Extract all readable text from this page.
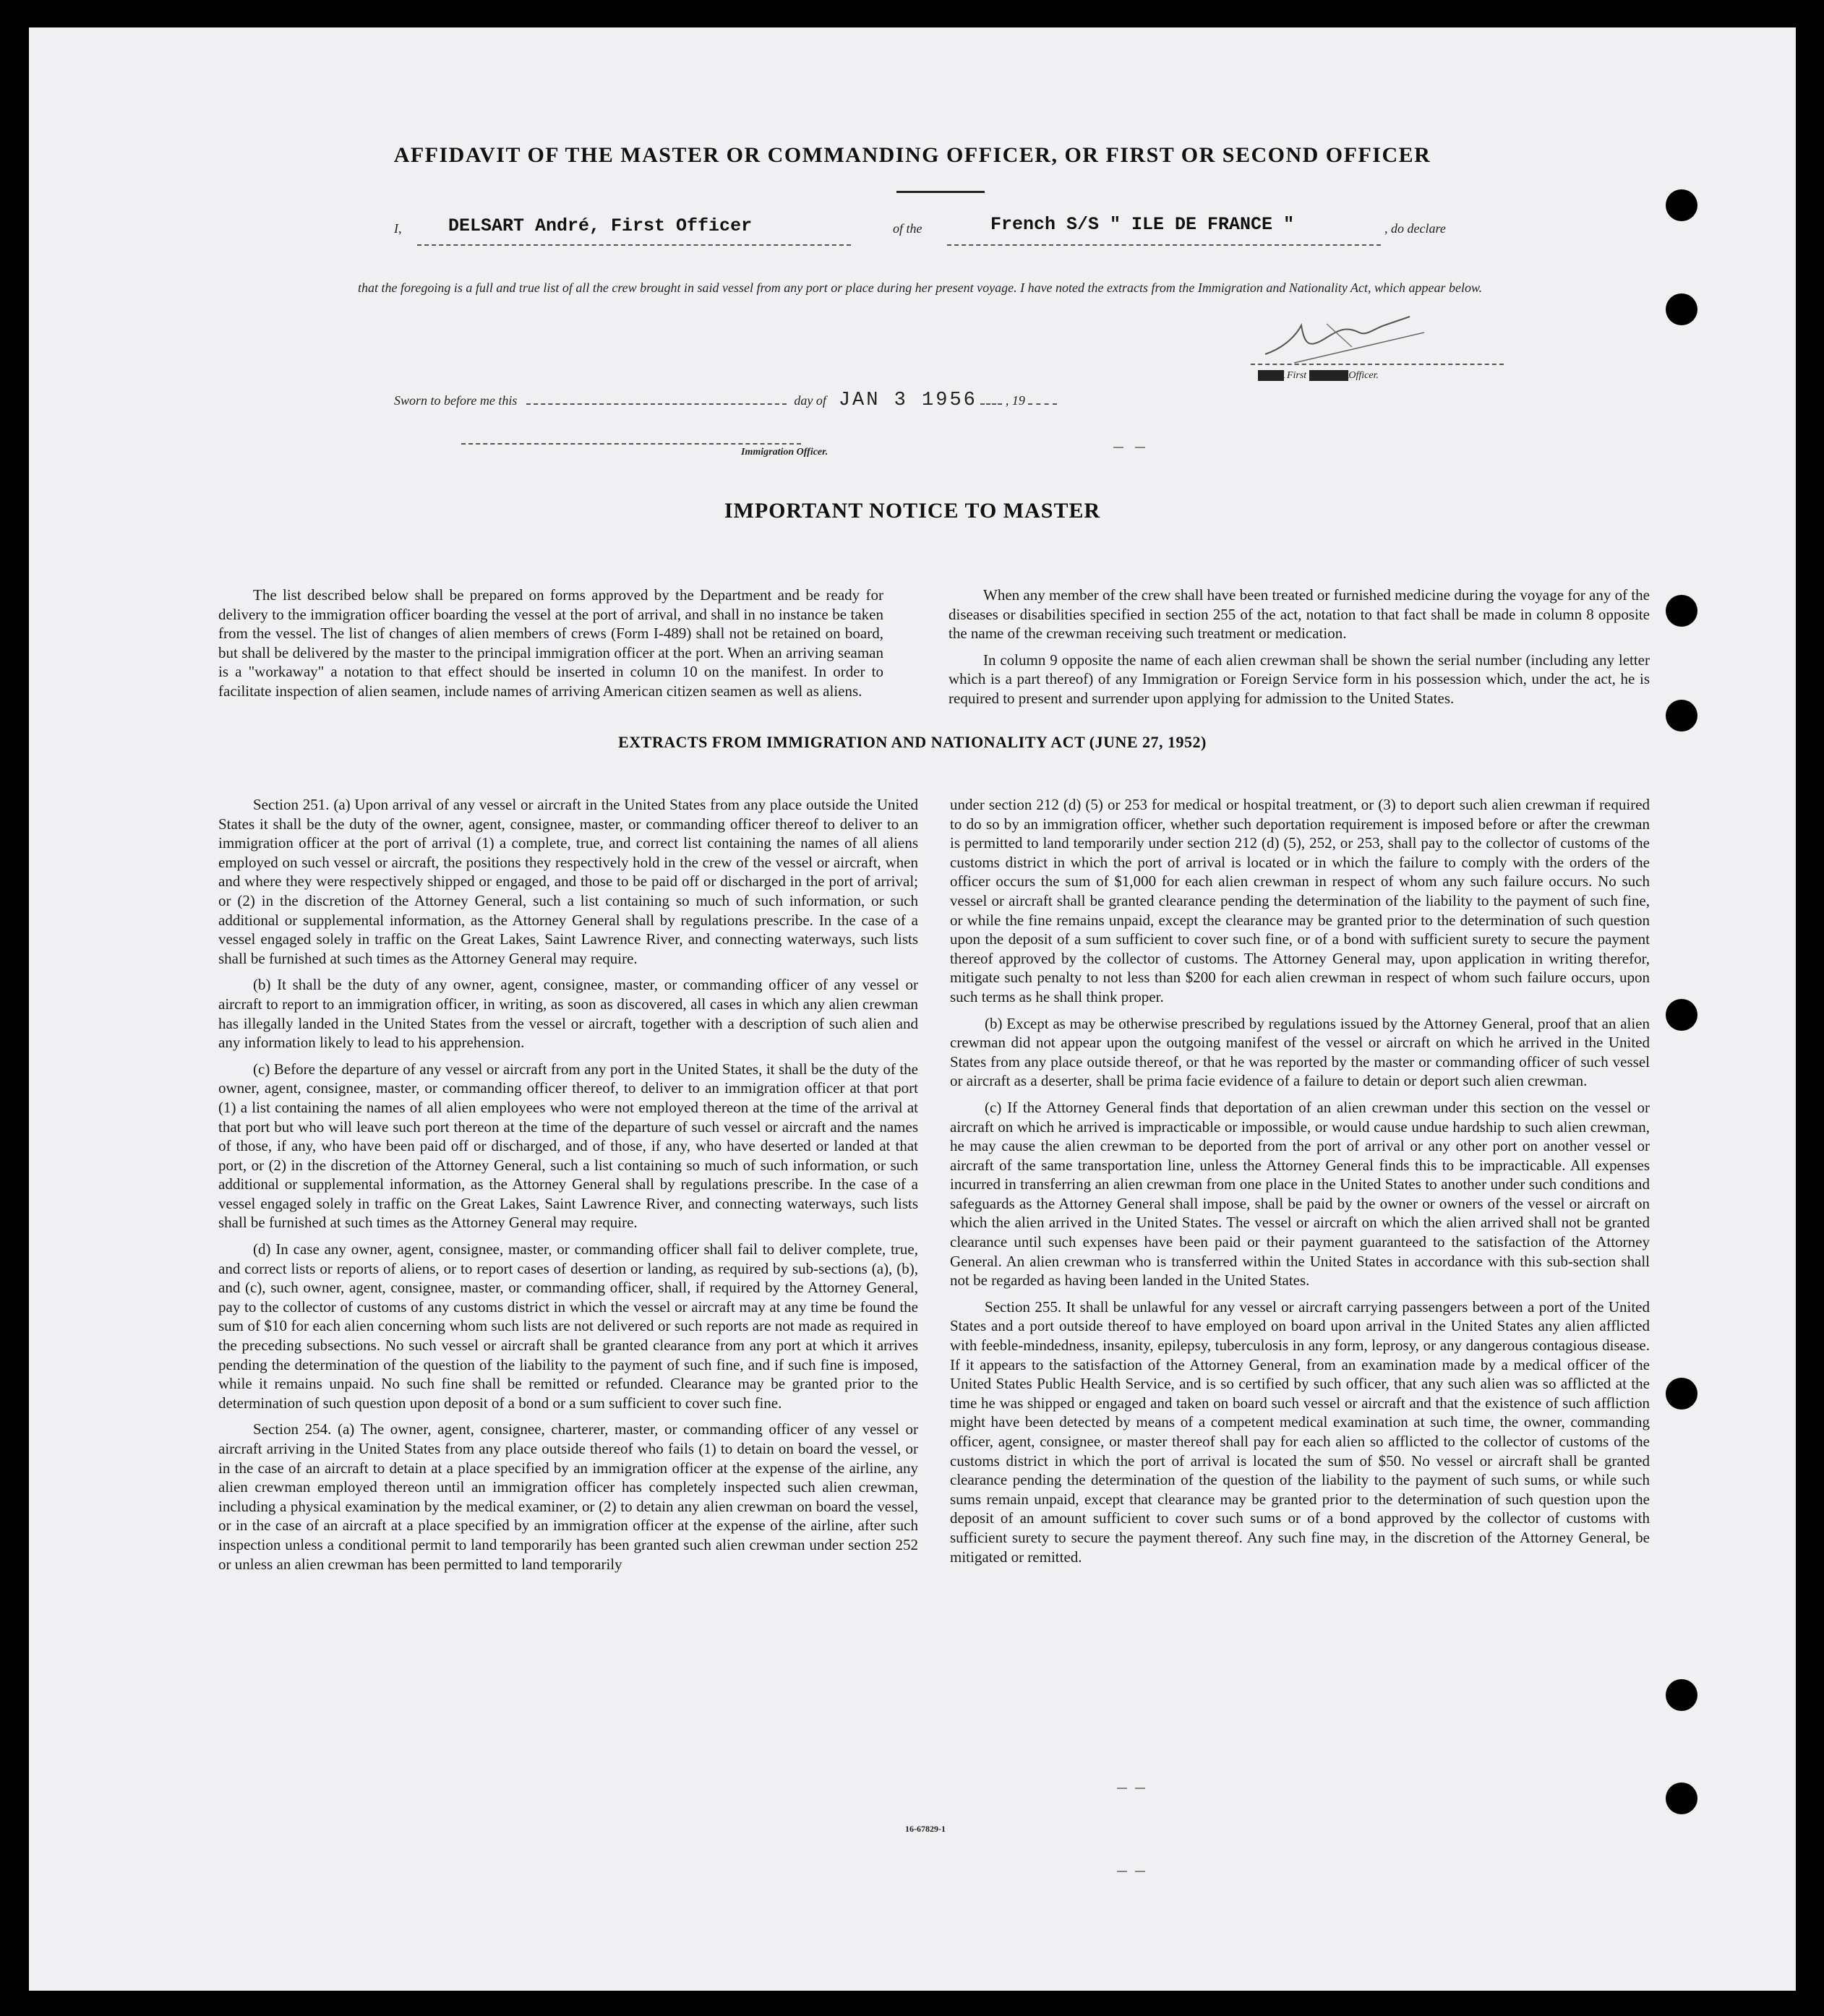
AFFIDAVIT OF THE MASTER OR COMMANDING OFFICER, OR FIRST OR SECOND OFFICER
I,	DELSART André, First Officer	of the	French S/S " ILE DE FRANCE "	, do declare
that the foregoing is a full and true list of all the crew brought in said vessel from any port or place during her present voyage. I have noted the extracts from the Immigration and Nationality Act, which appear below.
XXXX First XXXXXXOfficer.
Sworn to before me this	day of JAN 3 1956 , 19
Immigration Officer.
IMPORTANT NOTICE TO MASTER

The list described below shall be prepared on forms approved by the Department and be ready for delivery to the immigration officer boarding the vessel at the port of arrival, and shall in no instance be taken from the vessel. The list of changes of alien members of crews (Form I-489) shall not be retained on board, but shall be delivered by the master to the principal immigration officer at the port. When an arriving seaman is a "workaway" a notation to that effect should be inserted in column 10 on the manifest. In order to facilitate inspection of alien seamen, include names of arriving American citizen seamen as well as aliens.

When any member of the crew shall have been treated or furnished medicine during the voyage for any of the diseases or disabilities specified in section 255 of the act, notation to that fact shall be made in column 8 opposite the name of the crewman receiving such treatment or medication.

In column 9 opposite the name of each alien crewman shall be shown the serial number (including any letter which is a part thereof) of any Immigration or Foreign Service form in his possession which, under the act, he is required to present and surrender upon applying for admission to the United States.

EXTRACTS FROM IMMIGRATION AND NATIONALITY ACT (JUNE 27, 1952)

Section 251. (a) Upon arrival of any vessel or aircraft in the United States from any place outside the United States it shall be the duty of the owner, agent, consignee, master, or commanding officer thereof to deliver to an immigration officer at the port of arrival (1) a complete, true, and correct list containing the names of all aliens employed on such vessel or aircraft, the positions they respectively hold in the crew of the vessel or aircraft, when and where they were respectively shipped or engaged, and those to be paid off or discharged in the port of arrival; or (2) in the discretion of the Attorney General, such a list containing so much of such information, or such additional or supplemental information, as the Attorney General shall by regulations prescribe. In the case of a vessel engaged solely in traffic on the Great Lakes, Saint Lawrence River, and connecting waterways, such lists shall be furnished at such times as the Attorney General may require.

(b) It shall be the duty of any owner, agent, consignee, master, or commanding officer of any vessel or aircraft to report to an immigration officer, in writing, as soon as discovered, all cases in which any alien crewman has illegally landed in the United States from the vessel or aircraft, together with a description of such alien and any information likely to lead to his apprehension.

(c) Before the departure of any vessel or aircraft from any port in the United States, it shall be the duty of the owner, agent, consignee, master, or commanding officer thereof, to deliver to an immigration officer at that port (1) a list containing the names of all alien employees who were not employed thereon at the time of the arrival at that port but who will leave such port thereon at the time of the departure of such vessel or aircraft and the names of those, if any, who have been paid off or discharged, and of those, if any, who have deserted or landed at that port, or (2) in the discretion of the Attorney General, such a list containing so much of such information, or such additional or supplemental information, as the Attorney General shall by regulations prescribe. In the case of a vessel engaged solely in traffic on the Great Lakes, Saint Lawrence River, and connecting waterways, such lists shall be furnished at such times as the Attorney General may require.

(d) In case any owner, agent, consignee, master, or commanding officer shall fail to deliver complete, true, and correct lists or reports of aliens, or to report cases of desertion or landing, as required by sub-sections (a), (b), and (c), such owner, agent, consignee, master, or commanding officer, shall, if required by the Attorney General, pay to the collector of customs of any customs district in which the vessel or aircraft may at any time be found the sum of $10 for each alien concerning whom such lists are not delivered or such reports are not made as required in the preceding subsections. No such vessel or aircraft shall be granted clearance from any port at which it arrives pending the determination of the question of the liability to the payment of such fine, and if such fine is imposed, while it remains unpaid. No such fine shall be remitted or refunded. Clearance may be granted prior to the determination of such question upon deposit of a bond or a sum sufficient to cover such fine.

Section 254. (a) The owner, agent, consignee, charterer, master, or commanding officer of any vessel or aircraft arriving in the United States from any place outside thereof who fails (1) to detain on board the vessel, or in the case of an aircraft to detain at a place specified by an immigration officer at the expense of the airline, any alien crewman employed thereon until an immigration officer has completely inspected such alien crewman, including a physical examination by the medical examiner, or (2) to detain any alien crewman on board the vessel, or in the case of an aircraft at a place specified by an immigration officer at the expense of the airline, after such inspection unless a conditional permit to land temporarily has been granted such alien crewman under section 252 or unless an alien crewman has been permitted to land temporarily

under section 212 (d) (5) or 253 for medical or hospital treatment, or (3) to deport such alien crewman if required to do so by an immigration officer, whether such deportation requirement is imposed before or after the crewman is permitted to land temporarily under section 212 (d) (5), 252, or 253, shall pay to the collector of customs of the customs district in which the port of arrival is located or in which the failure to comply with the orders of the officer occurs the sum of $1,000 for each alien crewman in respect of whom any such failure occurs. No such vessel or aircraft shall be granted clearance pending the determination of the liability to the payment of such fine, or while the fine remains unpaid, except the clearance may be granted prior to the determination of such question upon the deposit of a sum sufficient to cover such fine, or of a bond with sufficient surety to secure the payment thereof approved by the collector of customs. The Attorney General may, upon application in writing therefor, mitigate such penalty to not less than $200 for each alien crewman in respect of whom such failure occurs, upon such terms as he shall think proper.

(b) Except as may be otherwise prescribed by regulations issued by the Attorney General, proof that an alien crewman did not appear upon the outgoing manifest of the vessel or aircraft on which he arrived in the United States from any place outside thereof, or that he was reported by the master or commanding officer of such vessel or aircraft as a deserter, shall be prima facie evidence of a failure to detain or deport such alien crewman.

(c) If the Attorney General finds that deportation of an alien crewman under this section on the vessel or aircraft on which he arrived is impracticable or impossible, or would cause undue hardship to such alien crewman, he may cause the alien crewman to be deported from the port of arrival or any other port on another vessel or aircraft of the same transportation line, unless the Attorney General finds this to be impracticable. All expenses incurred in transferring an alien crewman from one place in the United States to another under such conditions and safeguards as the Attorney General shall impose, shall be paid by the owner or owners of the vessel or aircraft on which the alien arrived in the United States. The vessel or aircraft on which the alien arrived shall not be granted clearance until such expenses have been paid or their payment guaranteed to the satisfaction of the Attorney General. An alien crewman who is transferred within the United States in accordance with this sub-section shall not be regarded as having been landed in the United States.

Section 255. It shall be unlawful for any vessel or aircraft carrying passengers between a port of the United States and a port outside thereof to have employed on board upon arrival in the United States any alien afflicted with feeble-mindedness, insanity, epilepsy, tuberculosis in any form, leprosy, or any dangerous contagious disease. If it appears to the satisfaction of the Attorney General, from an examination made by a medical officer of the United States Public Health Service, and is so certified by such officer, that any such alien was so afflicted at the time he was shipped or engaged and taken on board such vessel or aircraft and that the existence of such affliction might have been detected by means of a competent medical examination at such time, the owner, commanding officer, agent, consignee, or master thereof shall pay for each alien so afflicted to the collector of customs of the customs district in which the port of arrival is located the sum of $50. No vessel or aircraft shall be granted clearance pending the determination of the question of the liability to the payment of such sums, or while such sums remain unpaid, except that clearance may be granted prior to the determination of such question upon the deposit of an amount sufficient to cover such sums or of a bond approved by the collector of customs with sufficient surety to secure the payment thereof. Any such fine may, in the discretion of the Attorney General, be mitigated or remitted.

16-67829-1
